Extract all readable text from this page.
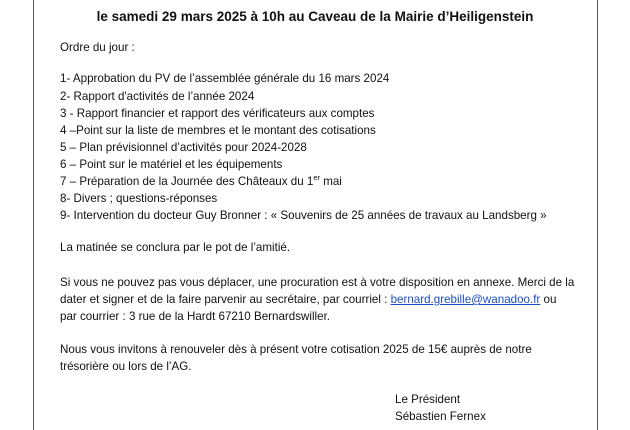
le samedi 29 mars 2025 à 10h au Caveau de la Mairie d’Heiligenstein
Ordre du jour :
1- Approbation du PV de l’assemblée générale du 16 mars 2024
2- Rapport d'activités de l’année 2024
3 - Rapport financier et rapport des vérificateurs aux comptes
4 –Point sur la liste de membres et le montant des cotisations
5 – Plan prévisionnel d’activités pour 2024-2028
6 – Point sur le matériel et les équipements
7 – Préparation de la Journée des Châteaux du 1er mai
8- Divers ; questions-réponses
9- Intervention du docteur Guy Bronner : « Souvenirs de 25 années de travaux au Landsberg »
La matinée se conclura par le pot de l’amitié.
Si vous ne pouvez pas vous déplacer, une procuration est à votre disposition en annexe. Merci de la
dater et signer et de la faire parvenir au secrétaire, par courriel : bernard.grebille@wanadoo.fr ou
par courrier : 3 rue de la Hardt 67210 Bernardswiller.
Nous vous invitons à renouveler dès à présent votre cotisation 2025 de 15€ auprès de notre
trésorière ou lors de l’AG.
Le Président
Sébastien Fernex
